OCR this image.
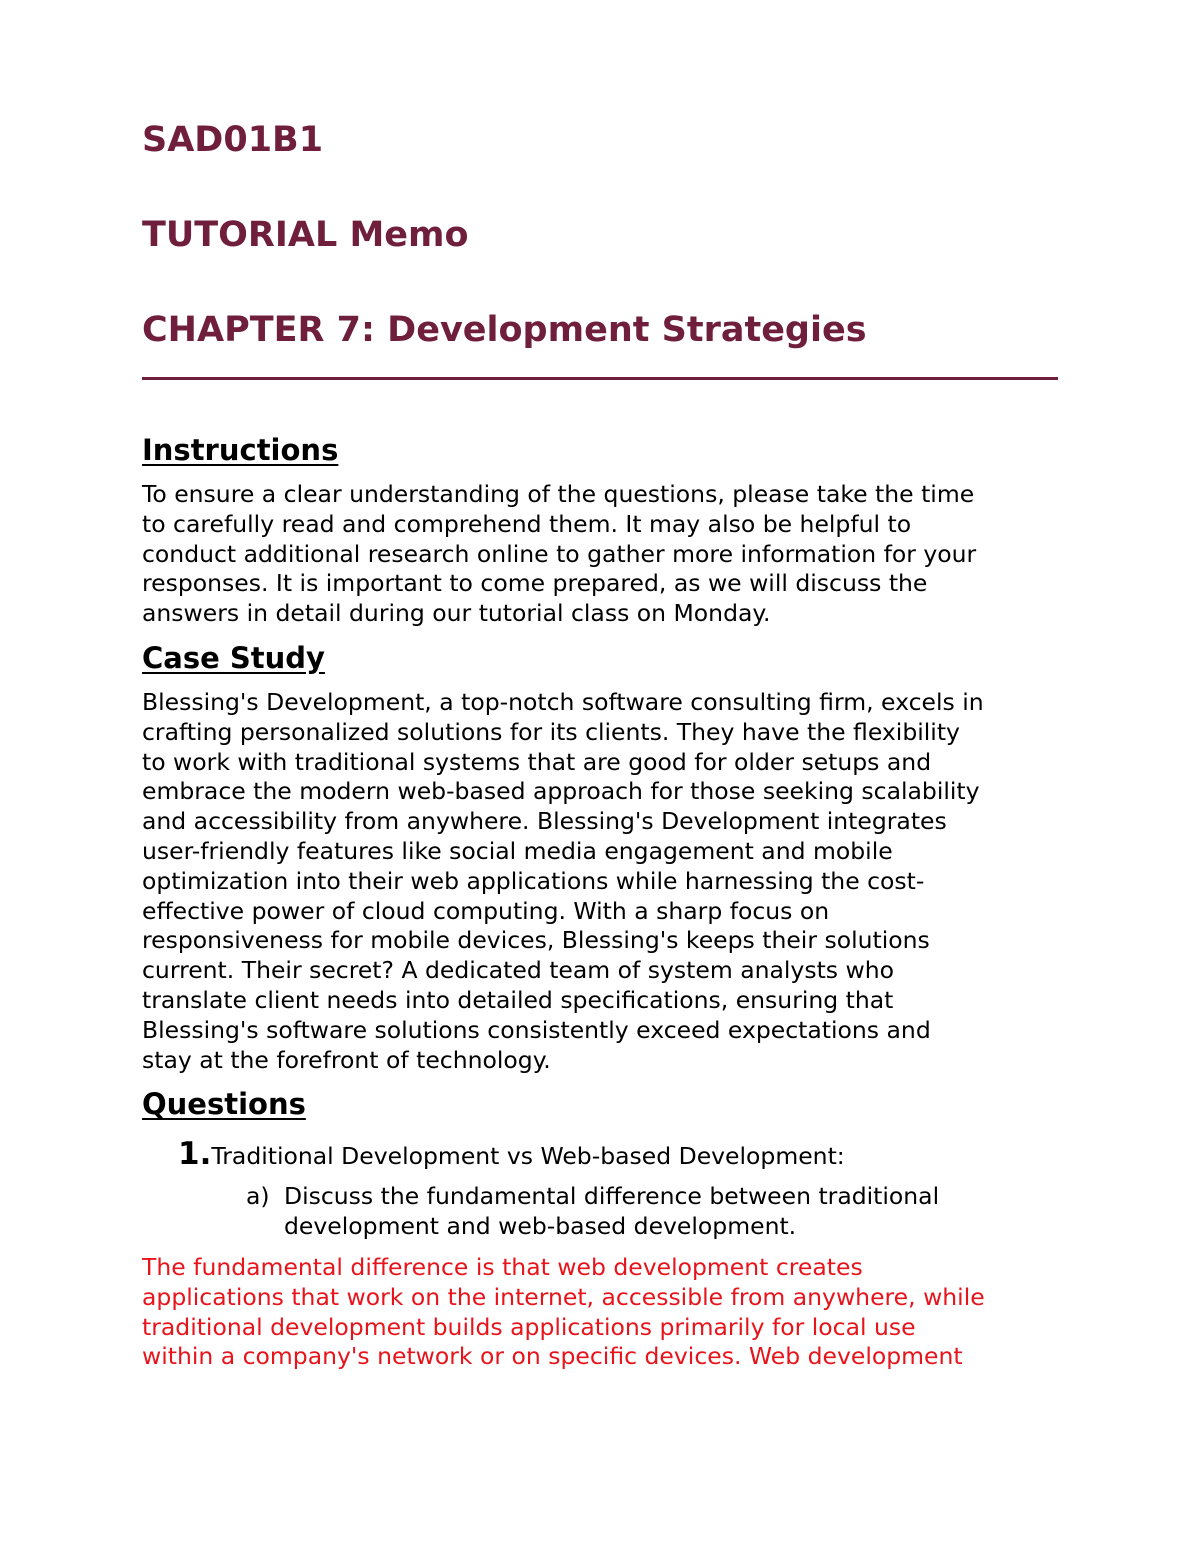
SAD01B1
TUTORIAL Memo
CHAPTER 7: Development Strategies
Instructions

To ensure a clear understanding of the questions, please take the time
to carefully read and comprehend them. It may also be helpful to
conduct additional research online to gather more information for your
responses. It is important to come prepared, as we will discuss the
answers in detail during our tutorial class on Monday.

Case Study

Blessing's Development, a top-notch software consulting firm, excels in
crafting personalized solutions for its clients. They have the flexibility
to work with traditional systems that are good for older setups and
embrace the modern web-based approach for those seeking scalability
and accessibility from anywhere. Blessing's Development integrates
user-friendly features like social media engagement and mobile
optimization into their web applications while harnessing the cost-
effective power of cloud computing. With a sharp focus on
responsiveness for mobile devices, Blessing's keeps their solutions
current. Their secret? A dedicated team of system analysts who
translate client needs into detailed specifications, ensuring that
Blessing's software solutions consistently exceed expectations and
stay at the forefront of technology.

Questions
1.Traditional Development vs Web-based Development:
a) Discuss the fundamental difference between traditional
development and web-based development.

The fundamental difference is that web development creates
applications that work on the internet, accessible from anywhere, while
traditional development builds applications primarily for local use
within a company's network or on specific devices. Web development
